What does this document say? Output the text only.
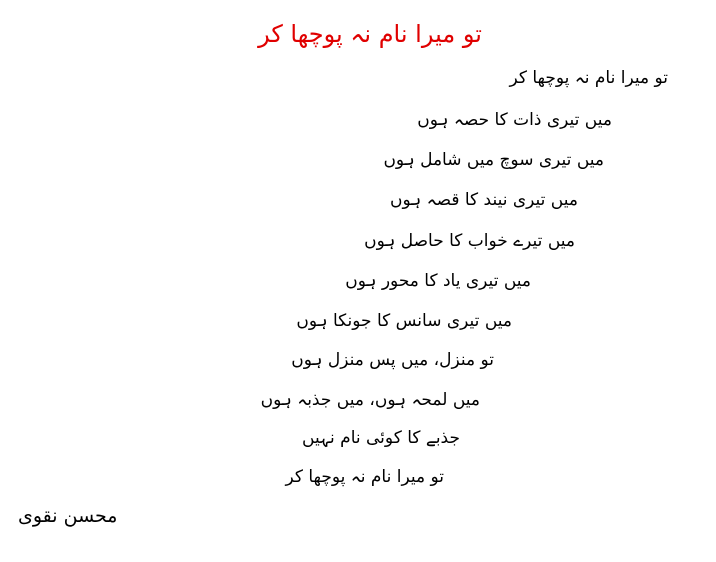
تو میرا نام نہ پوچھا کر
تو میرا نام نہ پوچھا کر
میں تیری ذات کا حصہ ہوں
میں تیری سوچ میں شامل ہوں
میں تیری نیند کا قصہ ہوں
میں تیرے خواب کا حاصل ہوں
میں تیری یاد کا محور ہوں
میں تیری سانس کا جونکا ہوں
تو منزل، میں پس منزل ہوں
میں لمحہ ہوں، میں جذبہ ہوں
جذبے کا کوئی نام نہیں
تو میرا نام نہ پوچھا کر
محسن نقوی
